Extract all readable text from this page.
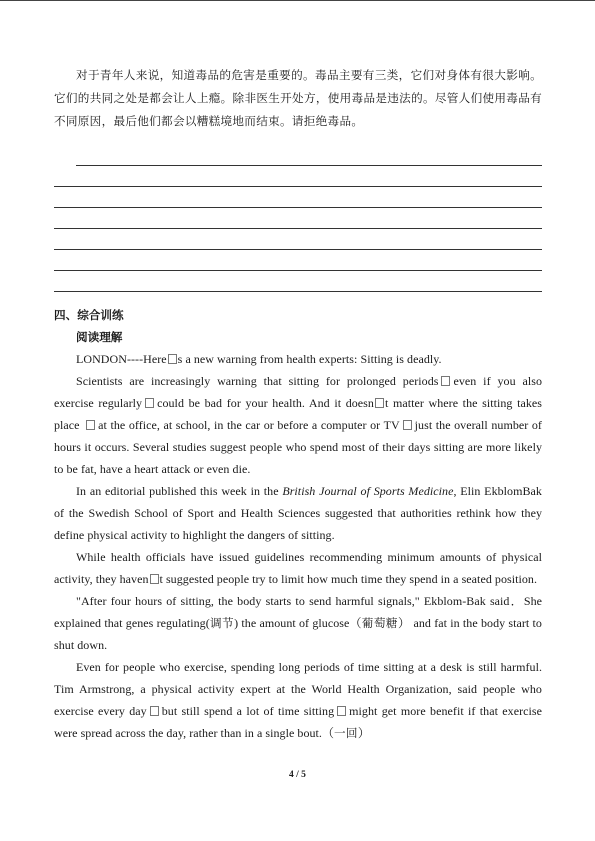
对于青年人来说，知道毒品的危害是重要的。毒品主要有三类，它们对身体有很大影响。它们的共同之处是都会让人上瘾。除非医生开处方，使用毒品是违法的。尽管人们使用毒品有不同原因，最后他们都会以糟糕境地而结束。请拒绝毒品。

四、综合训练
阅读理解

LONDON----Here s a new warning from health experts: Sitting is deadly.

Scientists are increasingly warning that sitting for prolonged periods even if you also exercise regularly could be bad for your health. And it doesn t matter where the sitting takes place at the office, at school, in the car or before a computer or TV just the overall number of hours it occurs. Several studies suggest people who spend most of their days sitting are more likely to be fat, have a heart attack or even die.

In an editorial published this week in the British Journal of Sports Medicine, Elin EkblomBak of the Swedish School of Sport and Health Sciences suggested that authorities rethink how they define physical activity to highlight the dangers of sitting.

While health officials have issued guidelines recommending minimum amounts of physical activity, they haven t suggested people try to limit how much time they spend in a seated position.

"After four hours of sitting, the body starts to send harmful signals," Ekblom-Bak said．She explained that genes regulating(调节) the amount of glucose（葡萄糖） and fat in the body start to shut down.

Even for people who exercise, spending long periods of time sitting at a desk is still harmful. Tim Armstrong, a physical activity expert at the World Health Organization, said people who exercise every day but still spend a lot of time sitting might get more benefit if that exercise were spread across the day, rather than in a single bout.（一回）

4 / 5
